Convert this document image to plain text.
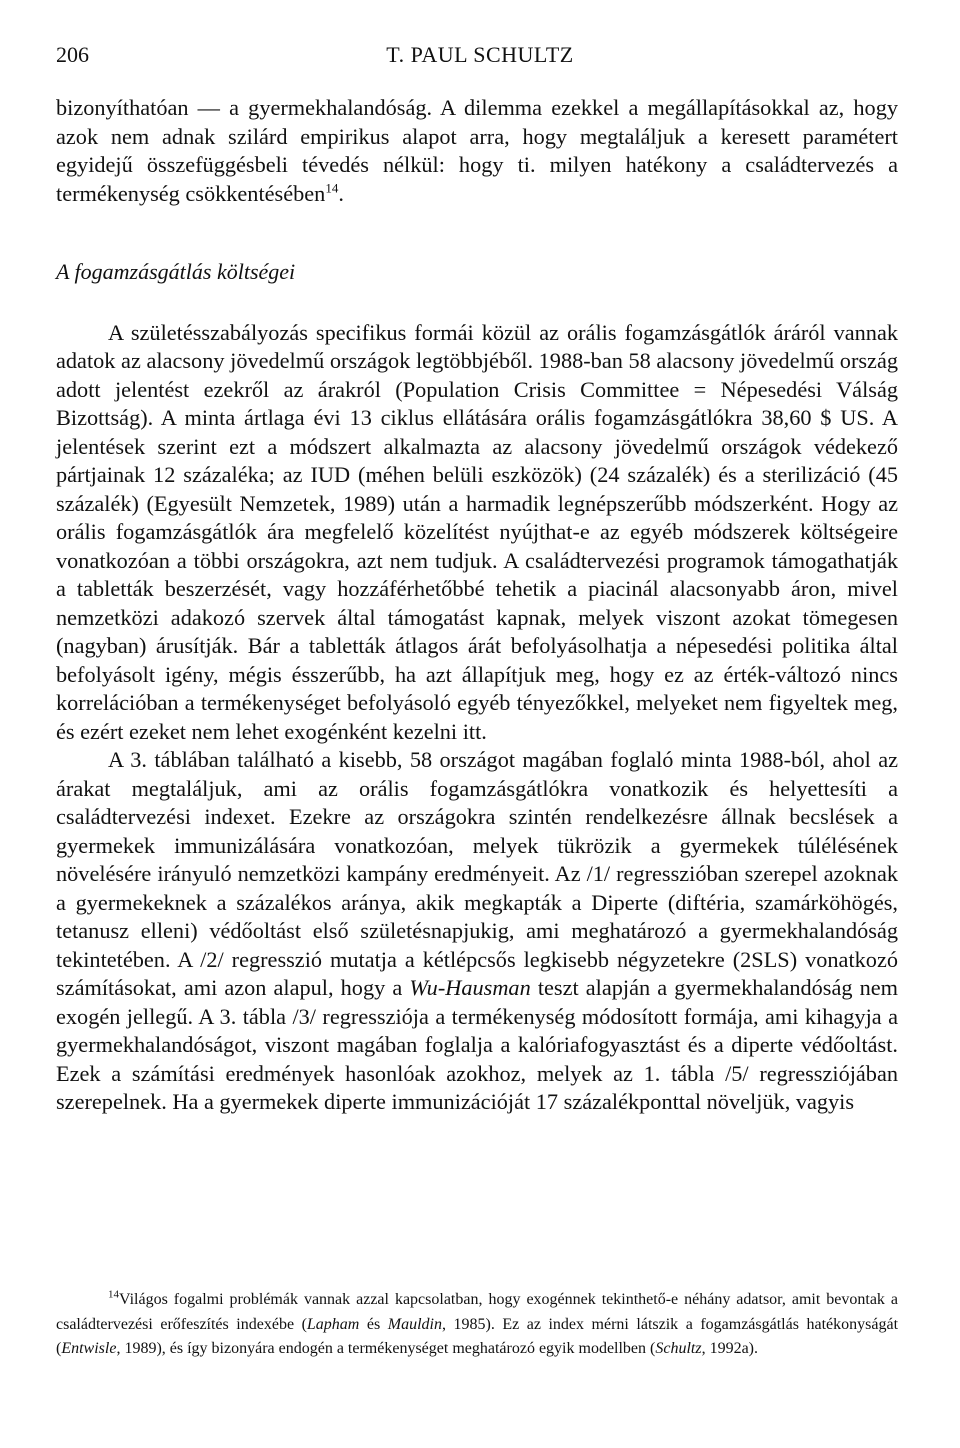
206	T. PAUL SCHULTZ

bizonyíthatóan — a gyermekhalandóság. A dilemma ezekkel a megállapításokkal az, hogy azok nem adnak szilárd empirikus alapot arra, hogy megtaláljuk a keresett paramétert egyidejű összefüggésbeli tévedés nélkül: hogy ti. milyen hatékony a családtervezés a termékenység csökkentésében$^{14}$.

A fogamzásgátlás költségei

A születésszabályozás specifikus formái közül az orális fogamzásgátlók áráról vannak adatok az alacsony jövedelmű országok legtöbbjéből. 1988-ban 58 alacsony jövedelmű ország adott jelentést ezekről az árakról (Population Crisis Committee = Népesedési Válság Bizottság). A minta ártlaga évi 13 ciklus ellátására orális fogamzásgátlókra 38,60 $ US. A jelentések szerint ezt a módszert alkalmazta az alacsony jövedelmű országok védekező pártjainak 12 százaléka; az IUD (méhen belüli eszközök) (24 százalék) és a sterilizáció (45 százalék) (Egyesült Nemzetek, 1989) után a harmadik legnépszerűbb módszerként. Hogy az orális fogamzásgátlók ára megfelelő közelítést nyújthat-e az egyéb módszerek költségeire vonatkozóan a többi országokra, azt nem tudjuk. A családtervezési programok támogathatják a tabletták beszerzését, vagy hozzáférhetőbbé tehetik a piacinál alacsonyabb áron, mivel nemzetközi adakozó szervek által támogatást kapnak, melyek viszont azokat tömegesen (nagyban) árusítják. Bár a tabletták átlagos árát befolyásolhatja a népesedési politika által befolyásolt igény, mégis ésszerűbb, ha azt állapítjuk meg, hogy ez az érték-változó nincs korrelációban a termékenységet befolyásoló egyéb tényezőkkel, melyeket nem figyeltek meg, és ezért ezeket nem lehet exogénként kezelni itt.

A 3. táblában található a kisebb, 58 országot magában foglaló minta 1988-ból, ahol az árakat megtaláljuk, ami az orális fogamzásgátlókra vonatkozik és helyettesíti a családtervezési indexet. Ezekre az országokra szintén rendelkezésre állnak becslések a gyermekek immunizálására vonatkozóan, melyek tükrözik a gyermekek túlélésének növelésére irányuló nemzetközi kampány eredményeit. Az /1/ regresszióban szerepel azoknak a gyermekeknek a százalékos aránya, akik megkapták a Diperte (diftéria, szamárköhögés, tetanusz elleni) védőoltást első születésnapjukig, ami meghatározó a gyermekhalandóság tekintetében. A /2/ regresszió mutatja a kétlépcsős legkisebb négyzetekre (2SLS) vonatkozó számításokat, ami azon alapul, hogy a Wu-Hausman teszt alapján a gyermekhalandóság nem exogén jellegű. A 3. tábla /3/ regressziója a termékenység módosított formája, ami kihagyja a gyermekhalandóságot, viszont magában foglalja a kalóriafogyasztást és a diperte védőoltást. Ezek a számítási eredmények hasonlóak azokhoz, melyek az 1. tábla /5/ regressziójában szerepelnek. Ha a gyermekek diperte immunizációját 17 százalékponttal növeljük, vagyis

$^{14}$Világos fogalmi problémák vannak azzal kapcsolatban, hogy exogénnek tekinthető-e néhány adatsor, amit bevontak a családtervezési erőfeszítés indexébe (Lapham és Mauldin, 1985). Ez az index mérni látszik a fogamzásgátlás hatékonyságát (Entwisle, 1989), és így bizonyára endogén a termékenységet meghatározó egyik modellben (Schultz, 1992a).
